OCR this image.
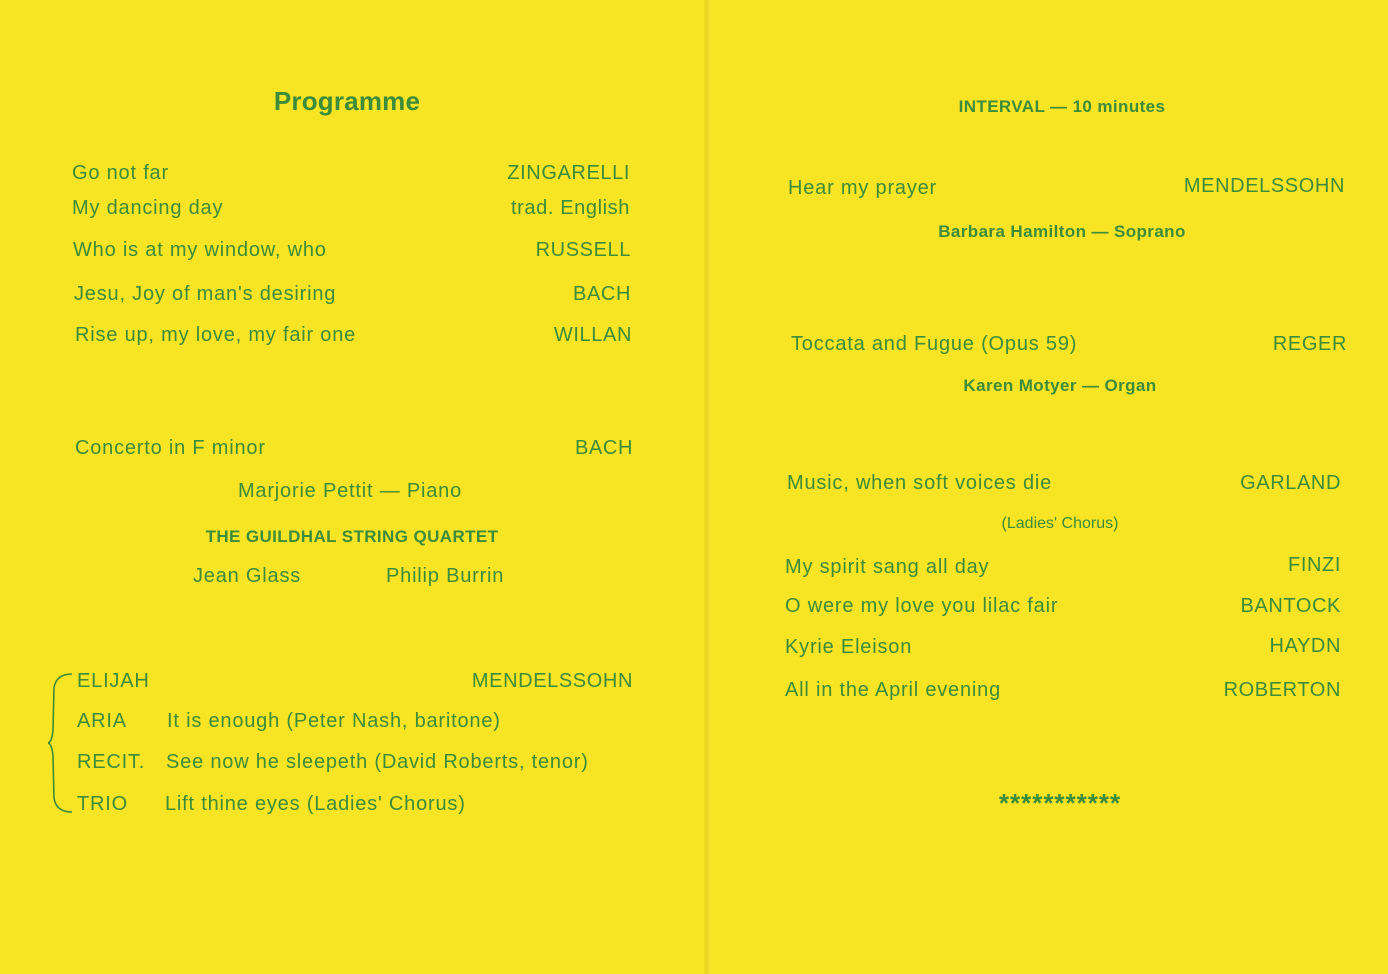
Programme
Go not far	ZINGARELLI
My dancing day	trad. English
Who is at my window, who	RUSSELL
Jesu, Joy of man's desiring	BACH
Rise up, my love, my fair one	WILLAN
Concerto in F minor	BACH
Marjorie Pettit — Piano
THE GUILDHAL STRING QUARTET
Jean Glass	Philip Burrin
ELIJAH	MENDELSSOHN
ARIA It is enough (Peter Nash, baritone)
RECIT. See now he sleepeth (David Roberts, tenor)
TRIO Lift thine eyes (Ladies' Chorus)
INTERVAL — 10 minutes
Hear my prayer	MENDELSSOHN
Barbara Hamilton — Soprano
Toccata and Fugue (Opus 59)	REGER
Karen Motyer — Organ
Music, when soft voices die	GARLAND
(Ladies' Chorus)
My spirit sang all day	FINZI
O were my love you lilac fair	BANTOCK
Kyrie Eleison	HAYDN
All in the April evening	ROBERTON
***********
